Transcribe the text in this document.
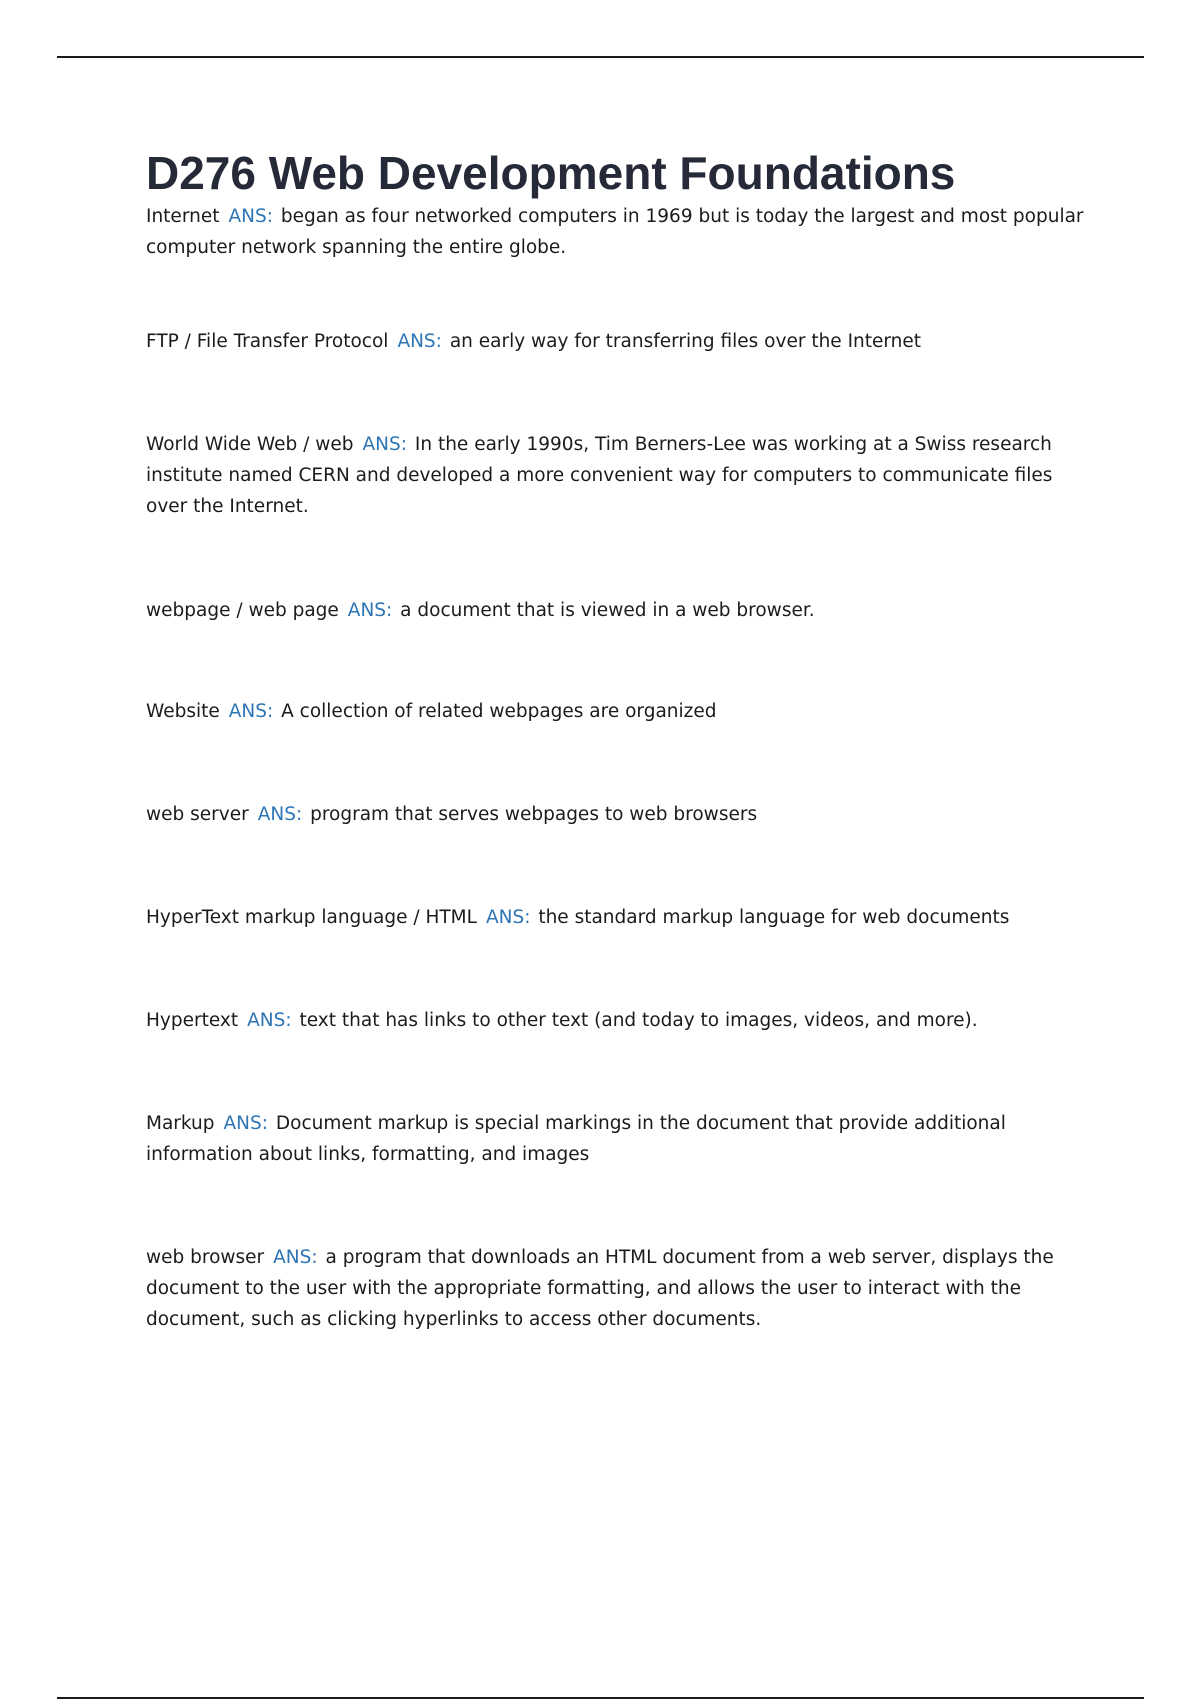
D276 Web Development Foundations

Internet ANS: began as four networked computers in 1969 but is today the largest and most popular computer network spanning the entire globe.

FTP / File Transfer Protocol ANS: an early way for transferring files over the Internet

World Wide Web / web ANS: In the early 1990s, Tim Berners-Lee was working at a Swiss research institute named CERN and developed a more convenient way for computers to communicate files over the Internet.

webpage / web page ANS: a document that is viewed in a web browser.

Website ANS: A collection of related webpages are organized

web server ANS: program that serves webpages to web browsers

HyperText markup language / HTML ANS: the standard markup language for web documents

Hypertext ANS: text that has links to other text (and today to images, videos, and more).

Markup ANS: Document markup is special markings in the document that provide additional information about links, formatting, and images

web browser ANS: a program that downloads an HTML document from a web server, displays the document to the user with the appropriate formatting, and allows the user to interact with the document, such as clicking hyperlinks to access other documents.
